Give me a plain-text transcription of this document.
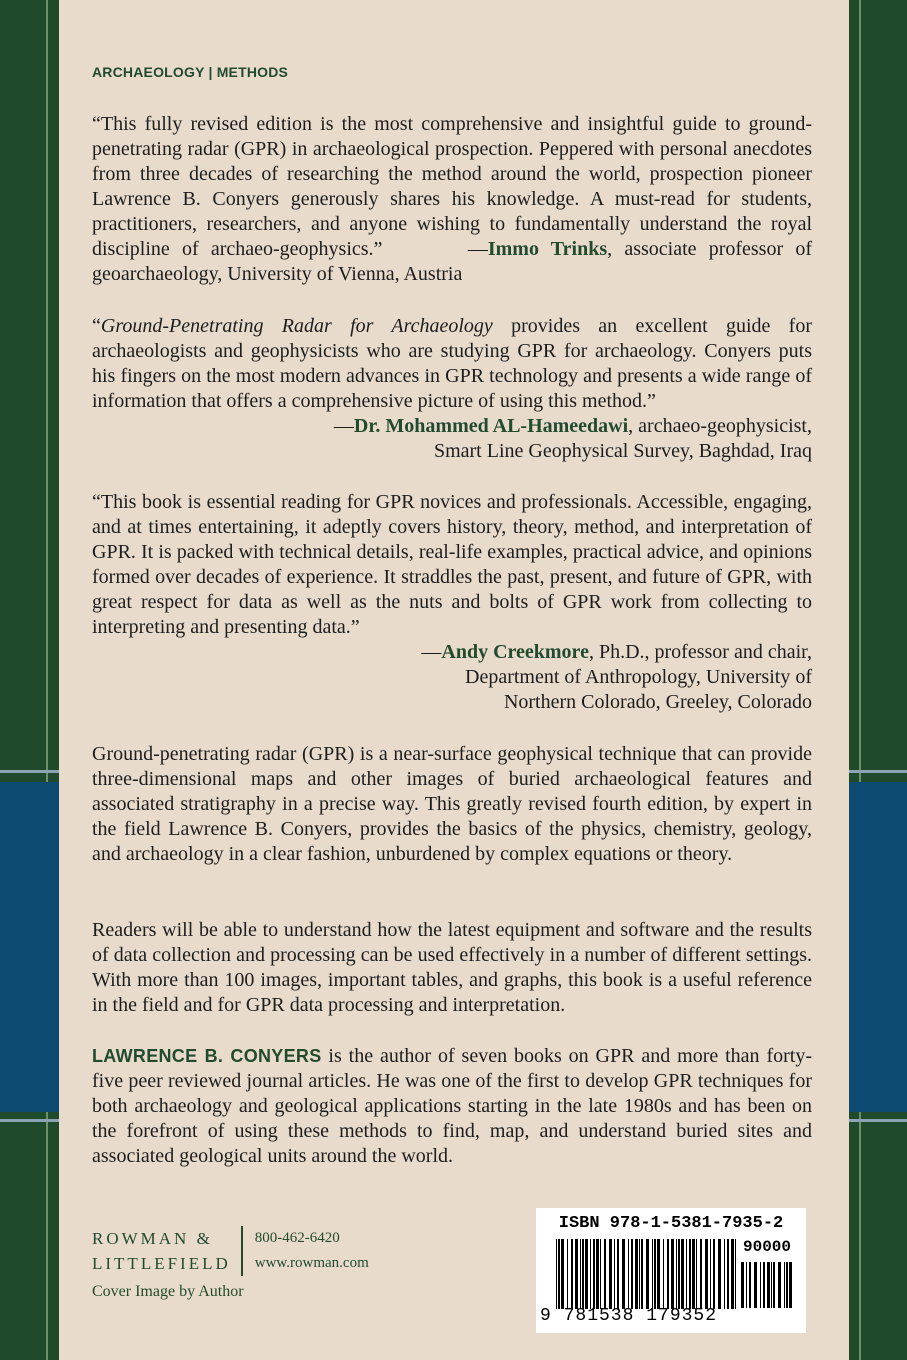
ARCHAEOLOGY | METHODS

“This fully revised edition is the most comprehensive and insightful guide to ground-penetrating radar (GPR) in archaeological prospection. Peppered with personal anecdotes from three decades of researching the method around the world, prospection pioneer Lawrence B. Conyers generously shares his knowledge. A must-read for students, practitioners, researchers, and anyone wishing to fundamentally understand the royal discipline of archaeo-geophysics.”	—Immo Trinks, associate professor of geoarchaeology, University of Vienna, Austria

“Ground-Penetrating Radar for Archaeology provides an excellent guide for archaeologists and geophysicists who are studying GPR for archaeology. Conyers puts his fingers on the most modern advances in GPR technology and presents a wide range of information that offers a comprehensive picture of using this method.”

—Dr. Mohammed AL-Hameedawi, archaeo-geophysicist,

Smart Line Geophysical Survey, Baghdad, Iraq

“This book is essential reading for GPR novices and professionals. Accessible, engaging, and at times entertaining, it adeptly covers history, theory, method, and interpretation of GPR. It is packed with technical details, real-life examples, practical advice, and opinions formed over decades of experience. It straddles the past, present, and future of GPR, with great respect for data as well as the nuts and bolts of GPR work from collecting to interpreting and presenting data.”

—Andy Creekmore, Ph.D., professor and chair,

Department of Anthropology, University of

Northern Colorado, Greeley, Colorado

Ground-penetrating radar (GPR) is a near-surface geophysical technique that can provide three-dimensional maps and other images of buried archaeological features and associated stratigraphy in a precise way. This greatly revised fourth edition, by expert in the field Lawrence B. Conyers, provides the basics of the physics, chemistry, geology, and archaeology in a clear fashion, unburdened by complex equations or theory.

Readers will be able to understand how the latest equipment and software and the results of data collection and processing can be used effectively in a number of different settings. With more than 100 images, important tables, and graphs, this book is a useful reference in the field and for GPR data processing and interpretation.

LAWRENCE B. CONYERS is the author of seven books on GPR and more than forty-five peer reviewed journal articles. He was one of the first to develop GPR techniques for both archaeology and geological applications starting in the late 1980s and has been on the forefront of using these methods to find, map, and understand buried sites and associated geological units around the world.

ROWMAN &
LITTLEFIELD
800-462-6420
www.rowman.com
Cover Image by Author
ISBN 978-1-5381-7935-2
90000
9 781538 179352
